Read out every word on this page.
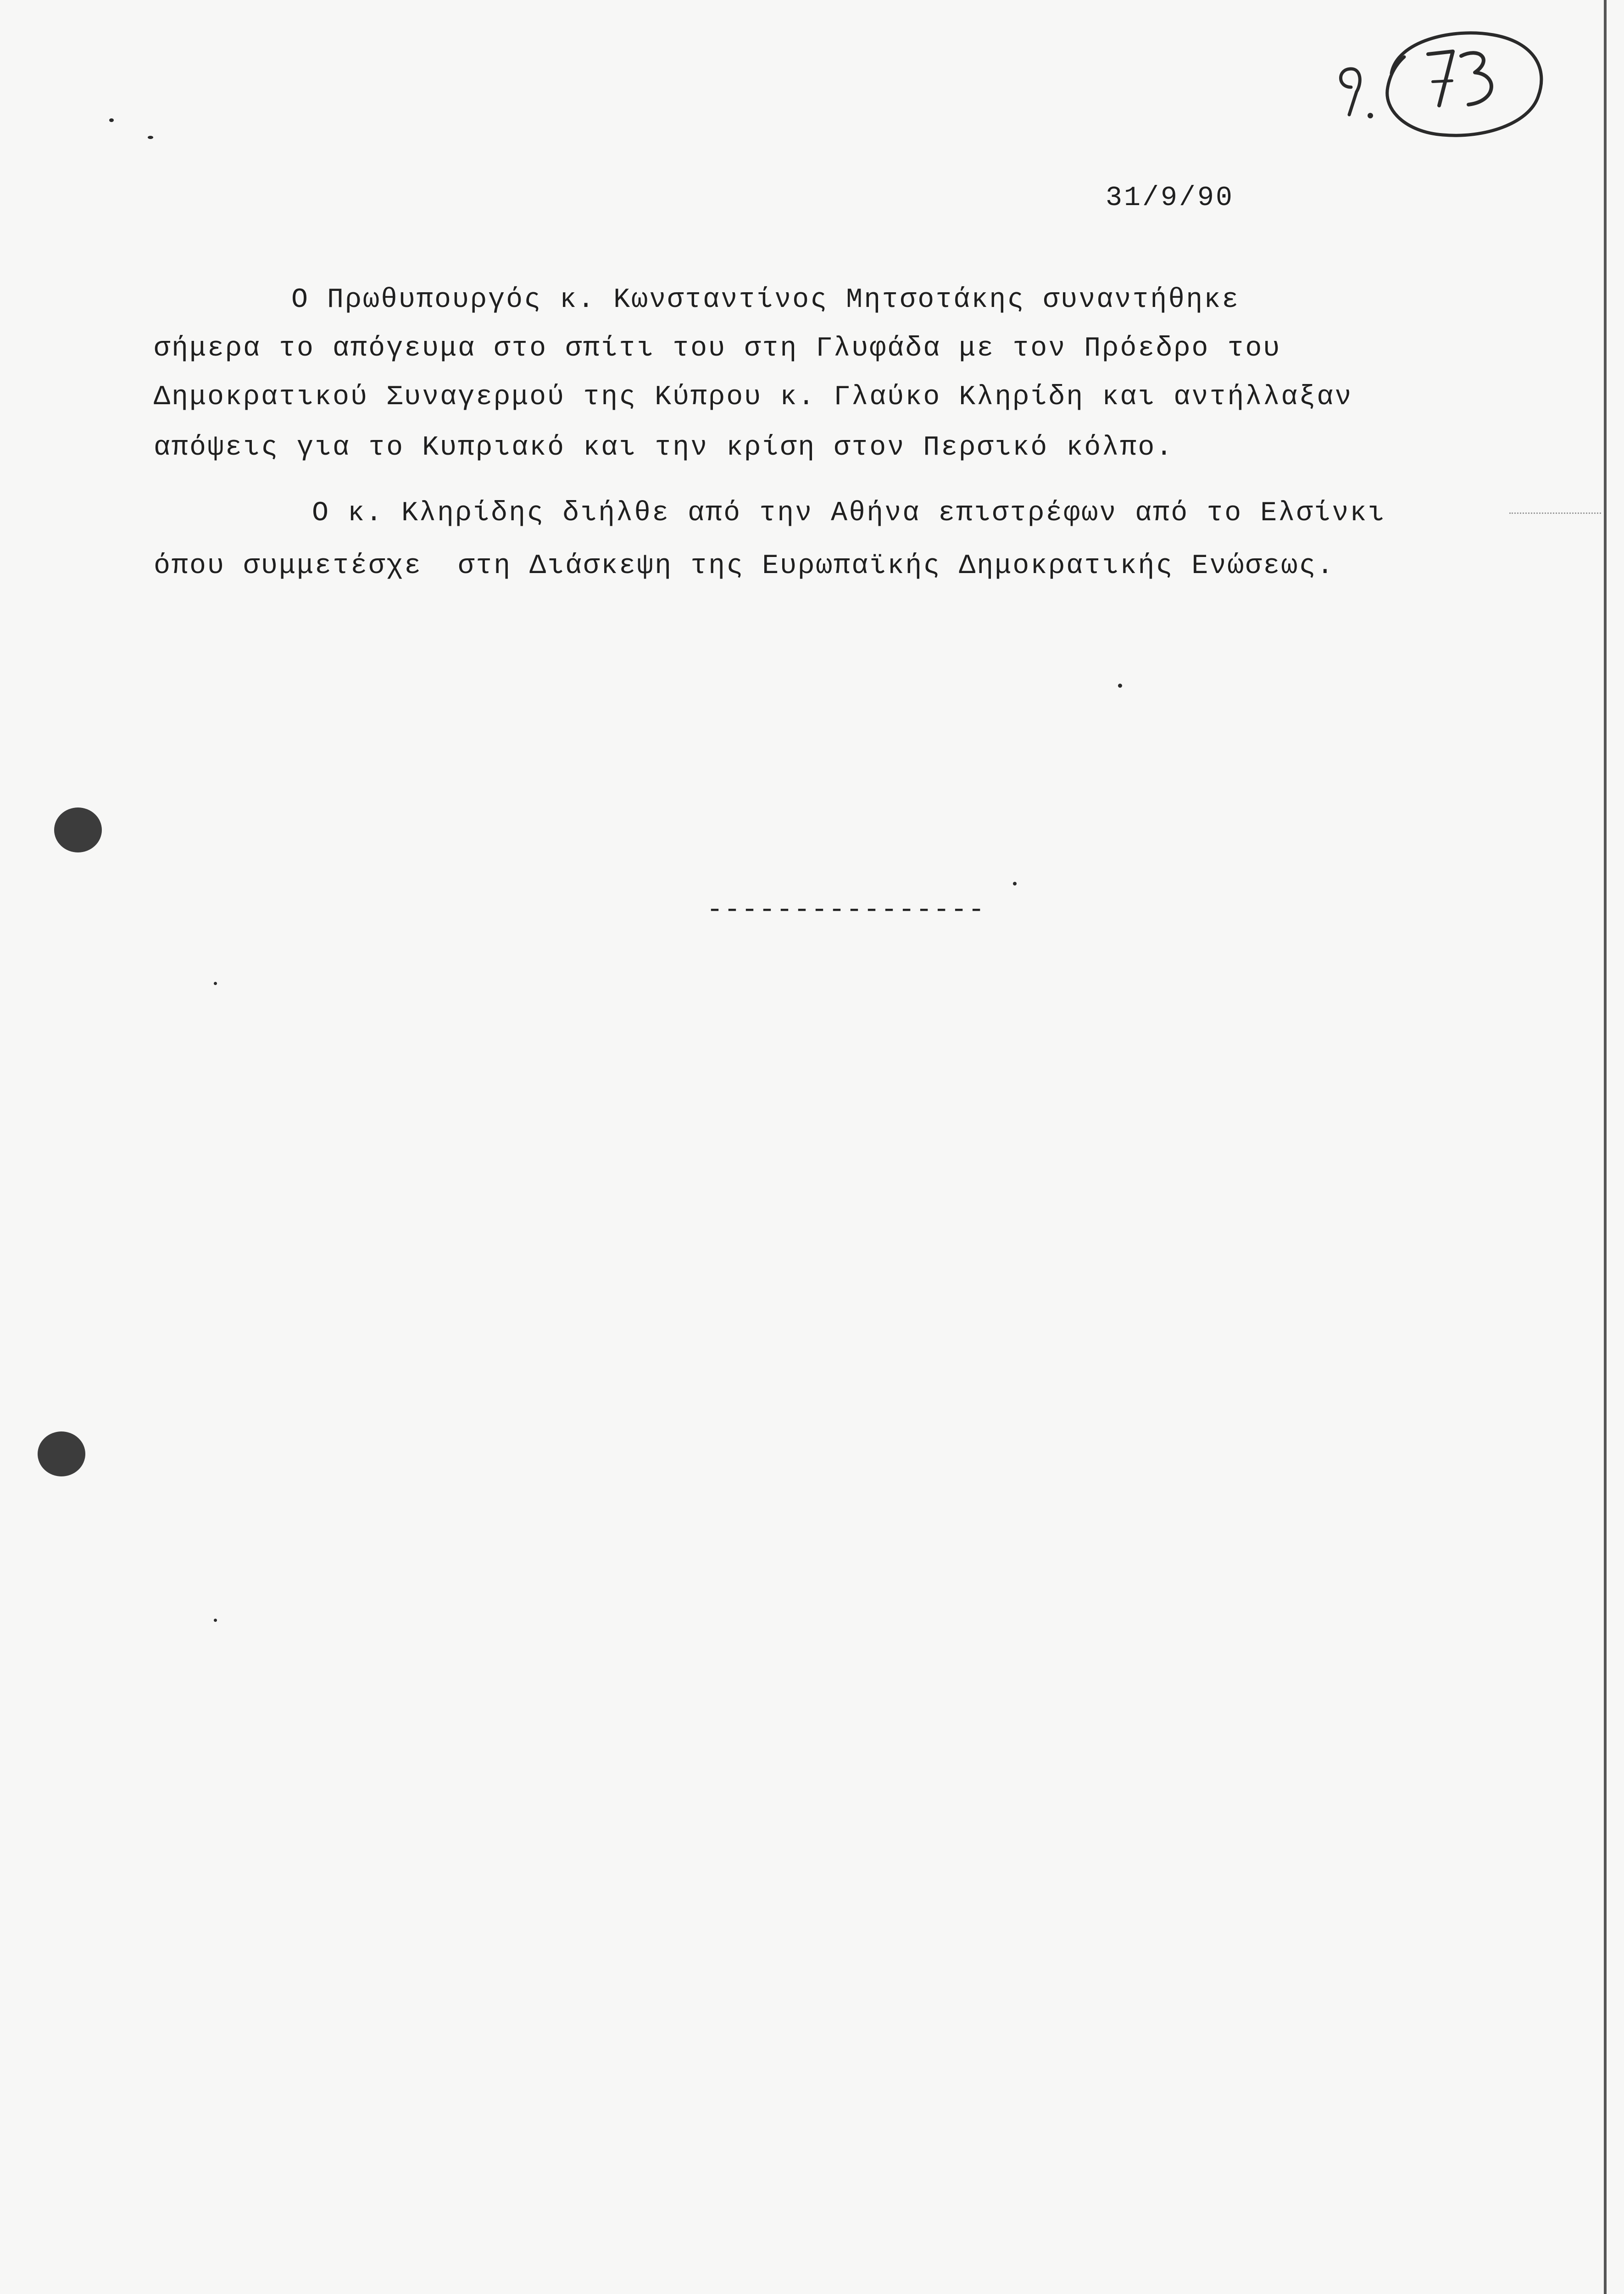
31/9/90
Ο Πρωθυπουργός κ. Κωνσταντίνος Μητσοτάκης συναντήθηκε
σήμερα το απόγευμα στο σπίτι του στη Γλυφάδα με τον Πρόεδρο του
Δημοκρατικού Συναγερμού της Κύπρου κ. Γλαύκο Κληρίδη και αντήλλαξαν
απόψεις για το Κυπριακό και την κρίση στον Περσικό κόλπο.
Ο κ. Κληρίδης διήλθε από την Αθήνα επιστρέφων από το Ελσίνκι
όπου συμμετέσχε  στη Διάσκεψη της Ευρωπαϊκής Δημοκρατικής Ενώσεως.
----------------
